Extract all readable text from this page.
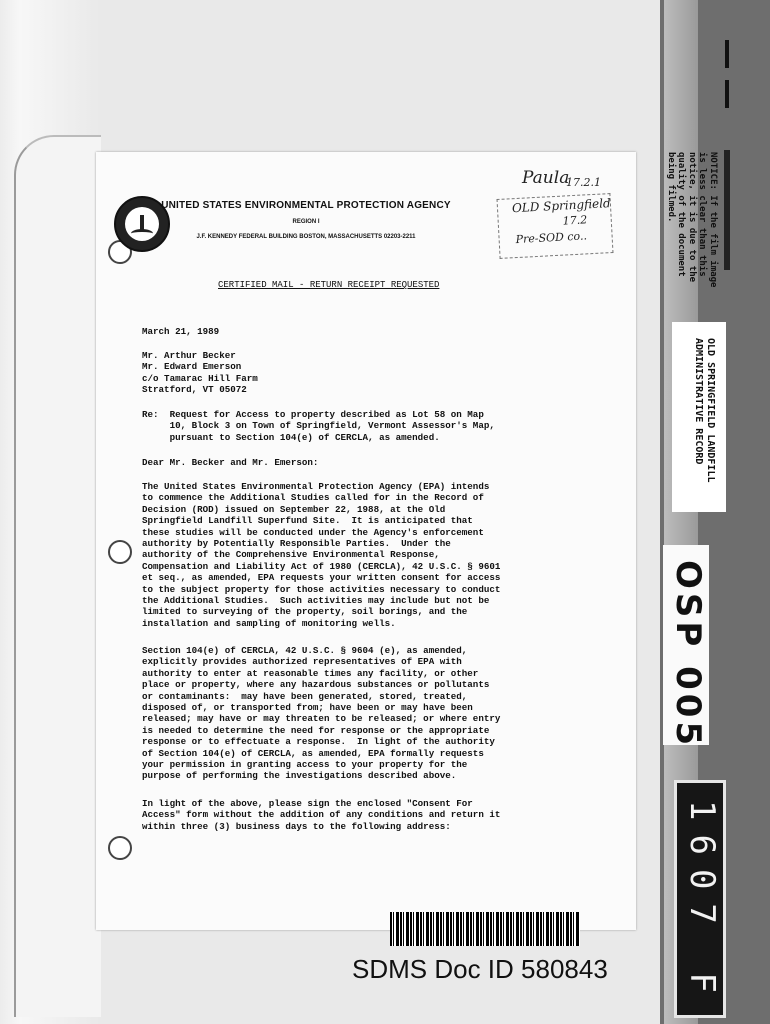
UNITED STATES ENVIRONMENTAL PROTECTION AGENCY
REGION I
J.F. KENNEDY FEDERAL BUILDING BOSTON, MASSACHUSETTS 02203-2211
Paula
17.2.1
OLD Springfield
17.2
Pre-SOD co..
CERTIFIED MAIL - RETURN RECEIPT REQUESTED
March 21, 1989
Mr. Arthur Becker
Mr. Edward Emerson
c/o Tamarac Hill Farm
Stratford, VT 05072
Re:  Request for Access to property described as Lot 58 on Map
10, Block 3 on Town of Springfield, Vermont Assessor's Map,
pursuant to Section 104(e) of CERCLA, as amended.
Dear Mr. Becker and Mr. Emerson:
The United States Environmental Protection Agency (EPA) intends
to commence the Additional Studies called for in the Record of
Decision (ROD) issued on September 22, 1988, at the Old
Springfield Landfill Superfund Site.  It is anticipated that
these studies will be conducted under the Agency's enforcement
authority by Potentially Responsible Parties.  Under the
authority of the Comprehensive Environmental Response,
Compensation and Liability Act of 1980 (CERCLA), 42 U.S.C. § 9601
et seq., as amended, EPA requests your written consent for access
to the subject property for those activities necessary to conduct
the Additional Studies.  Such activities may include but not be
limited to surveying of the property, soil borings, and the
installation and sampling of monitoring wells.
Section 104(e) of CERCLA, 42 U.S.C. § 9604 (e), as amended,
explicitly provides authorized representatives of EPA with
authority to enter at reasonable times any facility, or other
place or property, where any hazardous substances or pollutants
or contaminants:  may have been generated, stored, treated,
disposed of, or transported from; have been or may have been
released; may have or may threaten to be released; or where entry
is needed to determine the need for response or the appropriate
response or to effectuate a response.  In light of the authority
of Section 104(e) of CERCLA, as amended, EPA formally requests
your permission in granting access to your property for the
purpose of performing the investigations described above.
In light of the above, please sign the enclosed "Consent For
Access" form without the addition of any conditions and return it
within three (3) business days to the following address:
NOTICE: If the film image
is less clear than this
notice, it is due to the
quality of the document
being filmed.
OLD SPRINGFIELD LANDFILL
ADMINISTRATIVE RECORD
OSP 005
1607 F
SDMS Doc ID 580843
